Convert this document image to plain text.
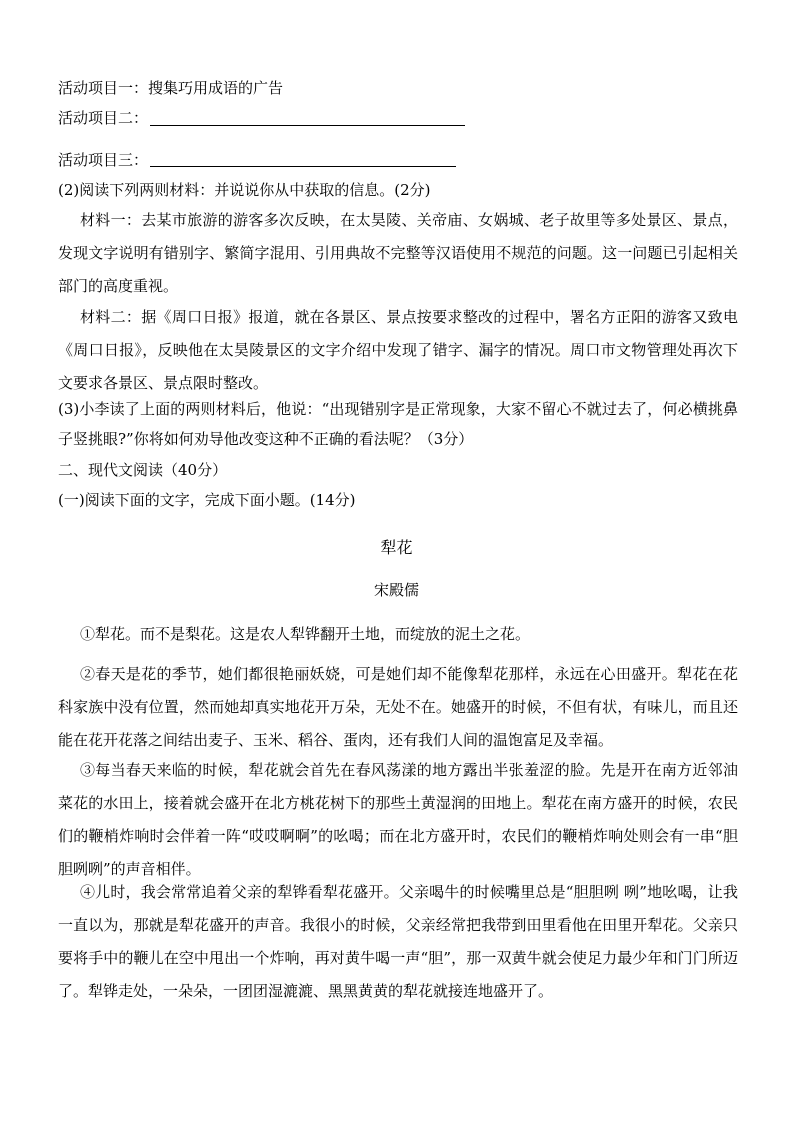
活动项目一：搜集巧用成语的广告
活动项目二：
活动项目三：
(2)阅读下列两则材料：并说说你从中获取的信息。(2分)
材料一：去某市旅游的游客多次反映，在太昊陵、关帝庙、女娲城、老子故里等多处景区、景点，发现文字说明有错别字、繁简字混用、引用典故不完整等汉语使用不规范的问题。这一问题已引起相关部门的高度重视。
材料二：据《周口日报》报道，就在各景区、景点按要求整改的过程中，署名方正阳的游客又致电《周口日报》，反映他在太昊陵景区的文字介绍中发现了错字、漏字的情况。周口市文物管理处再次下文要求各景区、景点限时整改。
(3)小李读了上面的两则材料后，他说：“出现错别字是正常现象，大家不留心不就过去了，何必横挑鼻子竖挑眼?”你将如何劝导他改变这种不正确的看法呢？（3分）
二、现代文阅读（40分）
(一)阅读下面的文字，完成下面小题。(14分)
犁花
宋殿儒
①犁花。而不是梨花。这是农人犁铧翻开土地，而绽放的泥土之花。
②春天是花的季节，她们都很艳丽妖娆，可是她们却不能像犁花那样，永远在心田盛开。犁花在花科家族中没有位置，然而她却真实地花开万朵，无处不在。她盛开的时候，不但有状，有味儿，而且还能在花开花落之间结出麦子、玉米、稻谷、蛋肉，还有我们人间的温饱富足及幸福。
③每当春天来临的时候，犁花就会首先在春风荡漾的地方露出半张羞涩的脸。先是开在南方近邻油菜花的水田上，接着就会盛开在北方桃花树下的那些土黄湿润的田地上。犁花在南方盛开的时候，农民们的鞭梢炸响时会伴着一阵“哎哎啊啊”的吆喝；而在北方盛开时，农民们的鞭梢炸响处则会有一串“胆胆咧咧”的声音相伴。
④儿时，我会常常追着父亲的犁铧看犁花盛开。父亲喝牛的时候嘴里总是“胆胆咧 咧”地吆喝，让我一直以为，那就是犁花盛开的声音。我很小的时候，父亲经常把我带到田里看他在田里开犁花。父亲只要将手中的鞭儿在空中甩出一个炸响，再对黄牛喝一声“胆”，那一双黄牛就会使足力最少年和门门所迈了。犁铧走处，一朵朵，一团团湿漉漉、黑黑黄黄的犁花就接连地盛开了。
